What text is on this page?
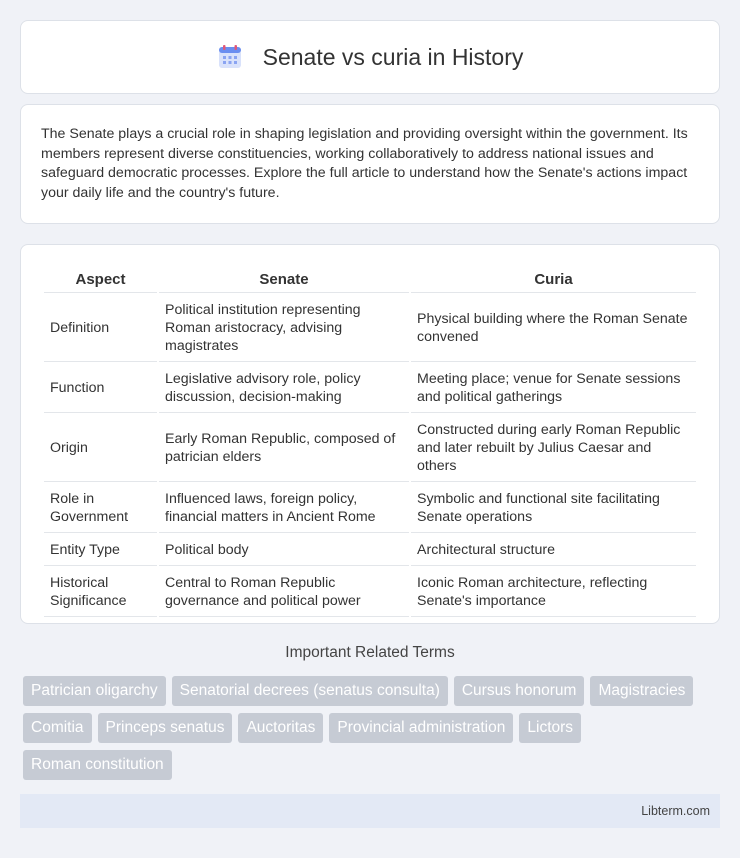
Senate vs curia in History

The Senate plays a crucial role in shaping legislation and providing oversight within the government. Its members represent diverse constituencies, working collaboratively to address national issues and safeguard democratic processes. Explore the full article to understand how the Senate's actions impact your daily life and the country's future.

Aspect	Senate	Curia
Definition	Political institution representing Roman aristocracy, advising magistrates	Physical building where the Roman Senate convened
Function	Legislative advisory role, policy discussion, decision-making	Meeting place; venue for Senate sessions and political gatherings
Origin	Early Roman Republic, composed of patrician elders	Constructed during early Roman Republic and later rebuilt by Julius Caesar and others
Role in Government	Influenced laws, foreign policy, financial matters in Ancient Rome	Symbolic and functional site facilitating Senate operations
Entity Type	Political body	Architectural structure
Historical Significance	Central to Roman Republic governance and political power	Iconic Roman architecture, reflecting Senate's importance
Important Related Terms
Patrician oligarchy	Senatorial decrees (senatus consulta)	Cursus honorum	Magistracies
Comitia	Princeps senatus	Auctoritas	Provincial administration	Lictors
Roman constitution
Libterm.com
